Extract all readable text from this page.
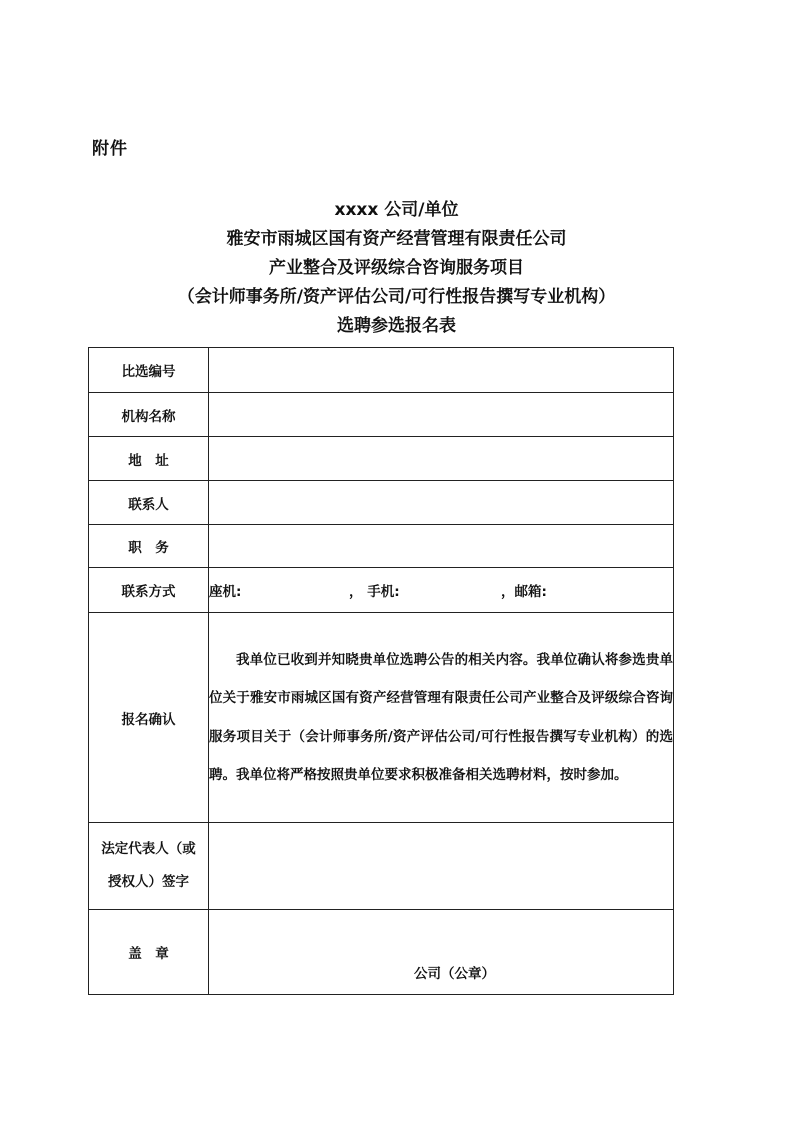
附件
xxxx 公司/单位
雅安市雨城区国有资产经营管理有限责任公司
产业整合及评级综合咨询服务项目
（会计师事务所/资产评估公司/可行性报告撰写专业机构）
选聘参选报名表
比选编号	
机构名称	
地　址	
联系人	
职　务	
联系方式	座机: ， 手机: ，邮箱:
报名确认	我单位已收到并知晓贵单位选聘公告的相关内容。我单位确认将参选贵单位关于雅安市雨城区国有资产经营管理有限责任公司产业整合及评级综合咨询服务项目关于（会计师事务所/资产评估公司/可行性报告撰写专业机构）的选聘。我单位将严格按照贵单位要求积极准备相关选聘材料，按时参加。

法定代表人（或
授权人）签字	

盖　章	公司（公章）
